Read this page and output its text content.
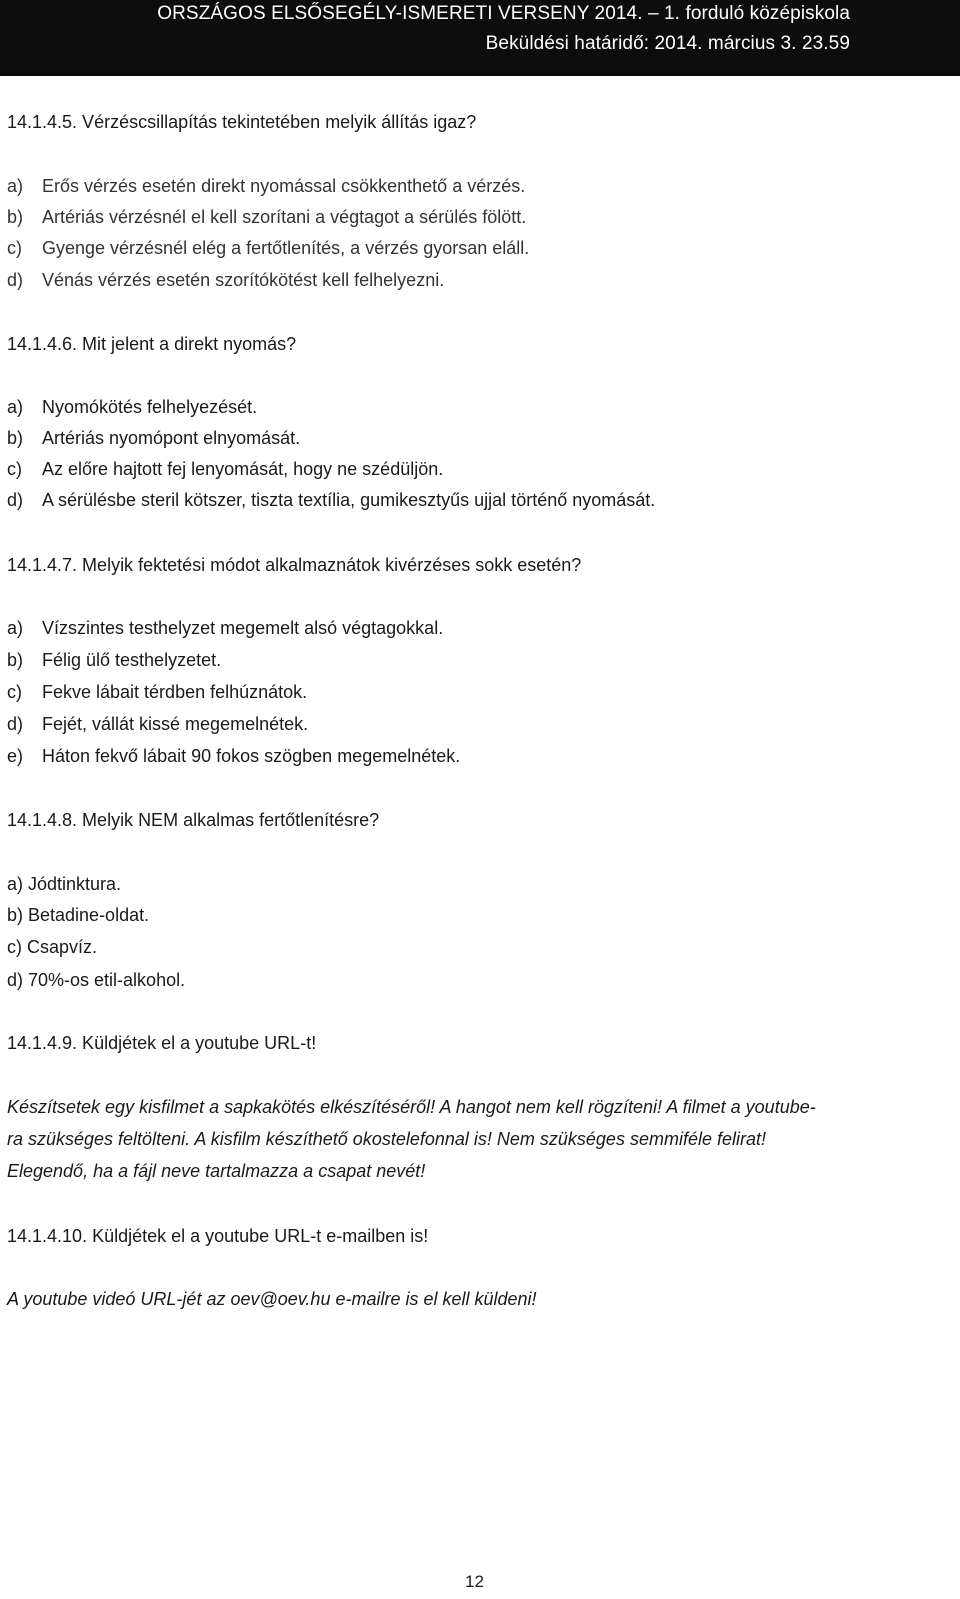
ORSZÁGOS ELSŐSEGÉLY-ISMERETI VERSENY 2014. – 1. forduló középiskola
Beküldési határidő: 2014. március 3. 23.59
14.1.4.5. Vérzéscsillapítás tekintetében melyik állítás igaz?
a) Erős vérzés esetén direkt nyomással csökkenthető a vérzés.
b) Artériás vérzésnél el kell szorítani a végtagot a sérülés fölött.
c) Gyenge vérzésnél elég a fertőtlenítés, a vérzés gyorsan eláll.
d) Vénás vérzés esetén szorítókötést kell felhelyezni.
14.1.4.6. Mit jelent a direkt nyomás?
a) Nyomókötés felhelyezését.
b) Artériás nyomópont elnyomását.
c) Az előre hajtott fej lenyomását, hogy ne szédüljön.
d) A sérülésbe steril kötszer, tiszta textília, gumikesztyűs ujjal történő nyomását.
14.1.4.7. Melyik fektetési módot alkalmaznátok kivérzéses sokk esetén?
a) Vízszintes testhelyzet megemelt alsó végtagokkal.
b) Félig ülő testhelyzetet.
c) Fekve lábait térdben felhúznátok.
d) Fejét, vállát kissé megemelnétek.
e) Háton fekvő lábait 90 fokos szögben megemelnétek.
14.1.4.8. Melyik NEM alkalmas fertőtlenítésre?
a) Jódtinktura.
b) Betadine-oldat.
c) Csapvíz.
d) 70%-os etil-alkohol.
14.1.4.9. Küldjétek el a youtube URL-t!
Készítsetek egy kisfilmet a sapkakötés elkészítéséről! A hangot nem kell rögzíteni! A filmet a youtube-
ra szükséges feltölteni. A kisfilm készíthető okostelefonnal is! Nem szükséges semmiféle felirat!
Elegendő, ha a fájl neve tartalmazza a csapat nevét!
14.1.4.10. Küldjétek el a youtube URL-t e-mailben is!
A youtube videó URL-jét az oev@oev.hu e-mailre is el kell küldeni!
12
